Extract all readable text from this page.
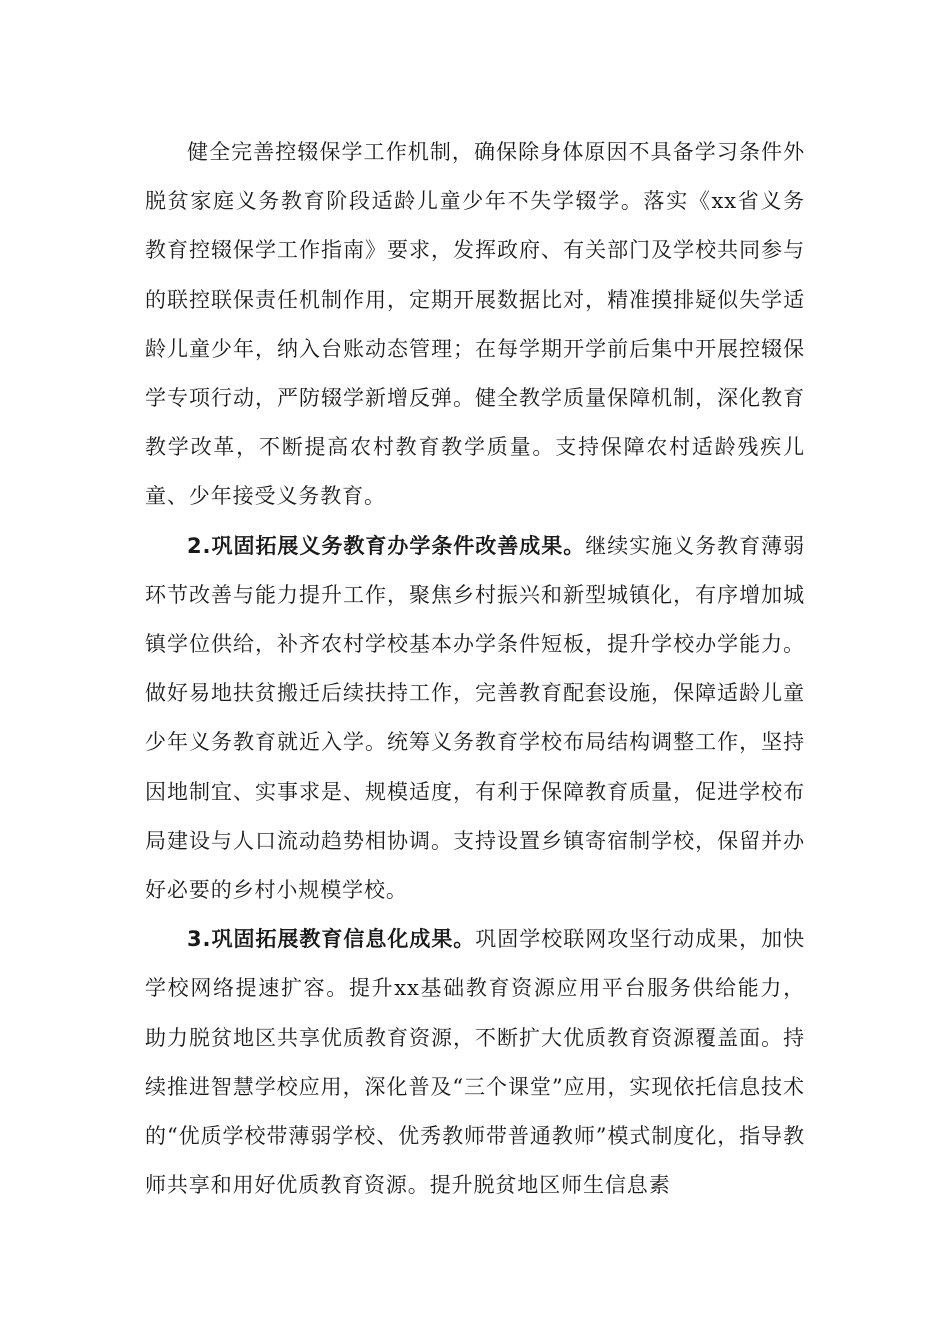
健全完善控辍保学工作机制，确保除身体原因不具备学习条件外脱贫家庭义务教育阶段适龄儿童少年不失学辍学。落实《xx省义务教育控辍保学工作指南》要求，发挥政府、有关部门及学校共同参与的联控联保责任机制作用，定期开展数据比对，精准摸排疑似失学适龄儿童少年，纳入台账动态管理；在每学期开学前后集中开展控辍保学专项行动，严防辍学新增反弹。健全教学质量保障机制，深化教育教学改革，不断提高农村教育教学质量。支持保障农村适龄残疾儿童、少年接受义务教育。

2.巩固拓展义务教育办学条件改善成果。继续实施义务教育薄弱环节改善与能力提升工作，聚焦乡村振兴和新型城镇化，有序增加城镇学位供给，补齐农村学校基本办学条件短板，提升学校办学能力。做好易地扶贫搬迁后续扶持工作，完善教育配套设施，保障适龄儿童少年义务教育就近入学。统筹义务教育学校布局结构调整工作，坚持因地制宜、实事求是、规模适度，有利于保障教育质量，促进学校布局建设与人口流动趋势相协调。支持设置乡镇寄宿制学校，保留并办好必要的乡村小规模学校。

3.巩固拓展教育信息化成果。巩固学校联网攻坚行动成果，加快学校网络提速扩容。提升xx基础教育资源应用平台服务供给能力，助力脱贫地区共享优质教育资源，不断扩大优质教育资源覆盖面。持续推进智慧学校应用，深化普及“三个课堂”应用，实现依托信息技术的“优质学校带薄弱学校、优秀教师带普通教师”模式制度化，指导教师共享和用好优质教育资源。提升脱贫地区师生信息素
